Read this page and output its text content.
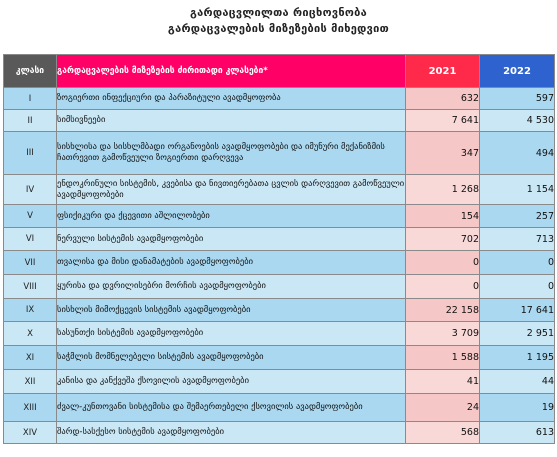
გარდაცვლილთა რიცხოვნობა
გარდაცვალების მიზეზების მიხედვით
კლასი	გარდაცვალების მიზეზების ძირითადი კლასები*	2021	2022
I	ზოგიერთი ინფექციური და პარაზიტული ავადმყოფობა	632	597
II	სიმსივნეები	7 641	4 530
III	სისხლისა და სისხლმბადი ორგანოების ავადმყოფობები და იმუნური მექანიზმის ჩათრევით გამოწვეული ზოგიერთი დარღვევა	347	494
IV	ენდოკრინული სისტემის, კვებისა და ნივთიერებათა ცვლის დარღვევით გამოწვეული ავადმყოფობები	1 268	1 154
V	ფსიქიკური და ქცევითი აშლილობები	154	257
VI	ნერვული სისტემის ავადმყოფობები	702	713
VII	თვალისა და მისი დანამატების ავადმყოფობები	0	0
VIII	ყურისა და დვრილისებრი მორჩის ავადმყოფობები	0	0
IX	სისხლის მიმოქცევის სისტემის ავადმყოფობები	22 158	17 641
X	სასუნთქი სისტემის ავადმყოფობები	3 709	2 951
XI	საჭმლის მომნელებელი სისტემის ავადმყოფობები	1 588	1 195
XII	კანისა და კანქვეშა ქსოვილის ავადმყოფობები	41	44
XIII	ძვალ-კუნთოვანი სისტემისა და შემაერთებელი ქსოვილის ავადმყოფობები	24	19
XIV	შარდ-სასქესო სისტემის ავადმყოფობები	568	613
